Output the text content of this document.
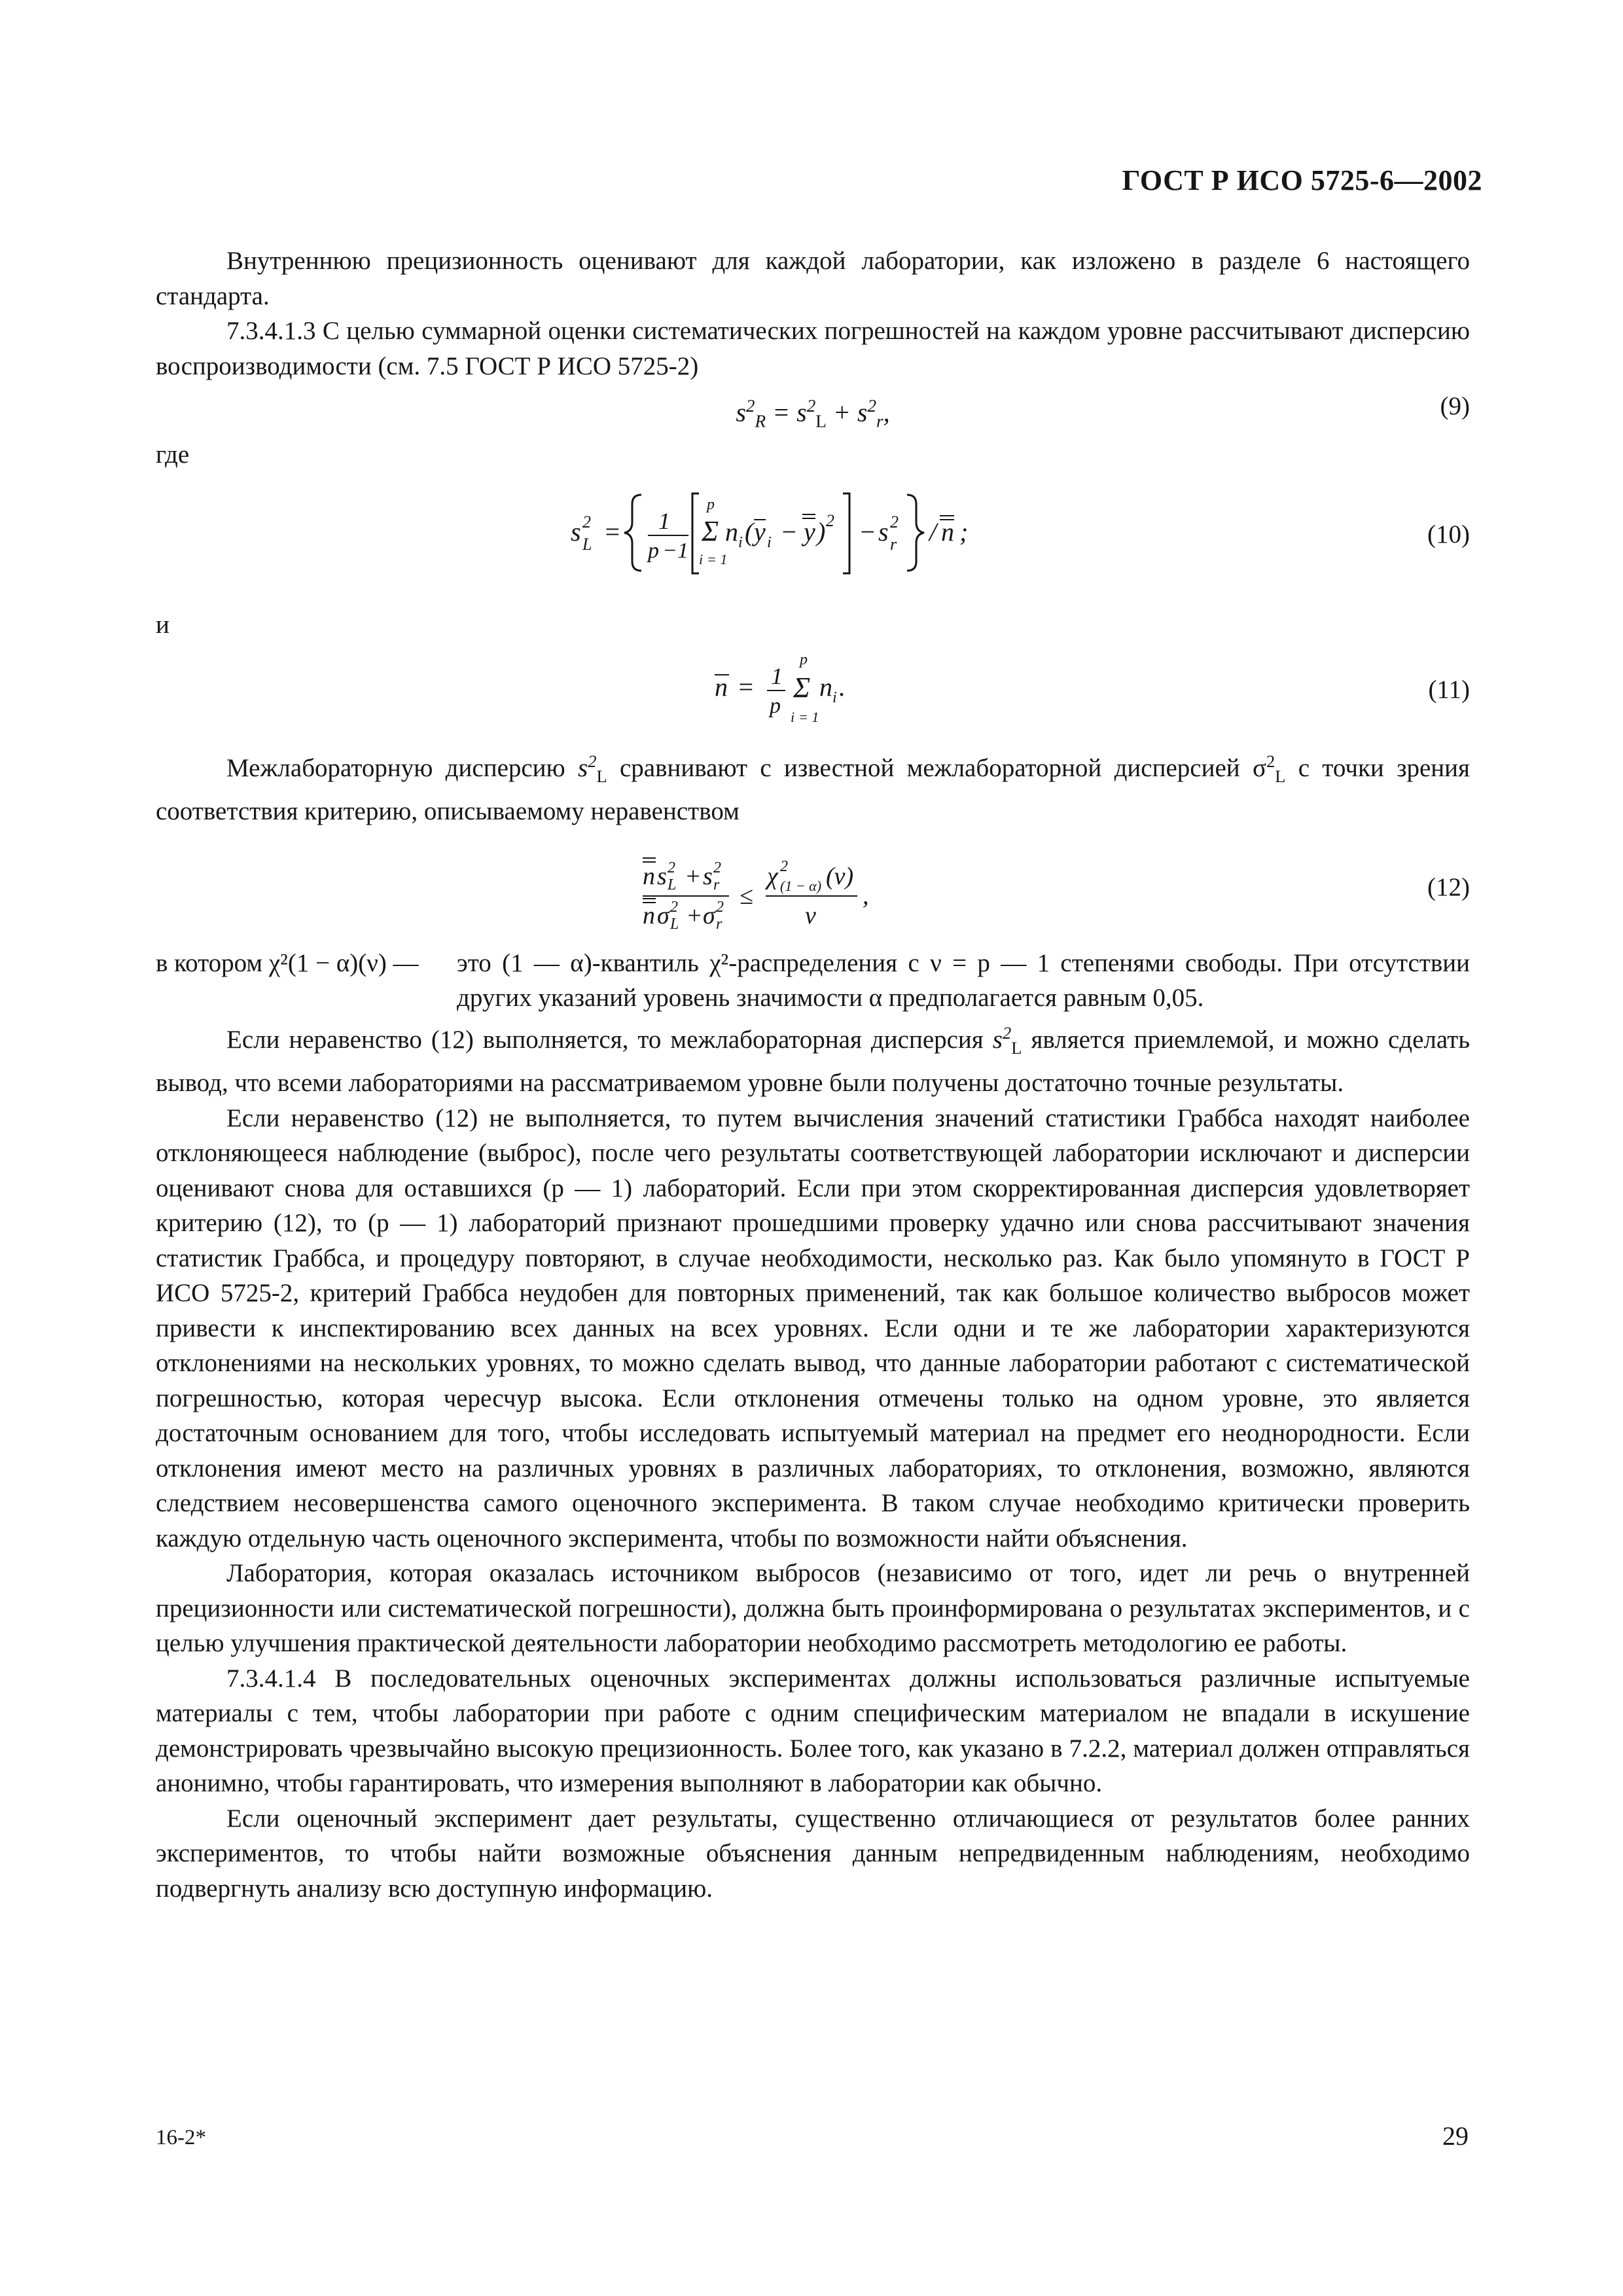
ГОСТ Р ИСО 5725-6—2002

Внутреннюю прецизионность оценивают для каждой лаборатории, как изложено в разделе 6 настоящего стандарта.

7.3.4.1.3 С целью суммарной оценки систематических погрешностей на каждом уровне рассчитывают дисперсию воспроизводимости (см. 7.5 ГОСТ Р ИСО 5725-2)

$s^2_R = s^2_L + s^2_r$,	(9)

где

s 2
L = 1
p −1
p
Σ
i = 1
n i ( y i − y ) 2 − s 2
r / n ;	(10)

и

n = 1
p
p
Σ
i = 1
n i .	(11)

Межлабораторную дисперсию $s^2_L$ сравнивают с известной межлабораторной дисперсией $\sigma^2_L$ с точки зрения соответствия критерию, описываемому неравенством

n s 2
L + s 2
r
n σ 2
L + σ 2
r
≤
χ 2
(1 − α) (ν)
ν
,	(12)
в котором χ²(1 − α)(ν) —	это (1 — α)-квантиль χ²-распределения с ν = p — 1 степенями свободы. При отсутствии других указаний уровень значимости α предполагается равным 0,05.

Если неравенство (12) выполняется, то межлабораторная дисперсия $s^2_L$ является приемлемой, и можно сделать вывод, что всеми лабораториями на рассматриваемом уровне были получены достаточно точные результаты.

Если неравенство (12) не выполняется, то путем вычисления значений статистики Граббса находят наиболее отклоняющееся наблюдение (выброс), после чего результаты соответствующей лаборатории исключают и дисперсии оценивают снова для оставшихся (p — 1) лабораторий. Если при этом скорректированная дисперсия удовлетворяет критерию (12), то (p — 1) лабораторий признают прошедшими проверку удачно или снова рассчитывают значения статистик Граббса, и процедуру повторяют, в случае необходимости, несколько раз. Как было упомянуто в ГОСТ Р ИСО 5725-2, критерий Граббса неудобен для повторных применений, так как большое количество выбросов может привести к инспектированию всех данных на всех уровнях. Если одни и те же лаборатории характеризуются отклонениями на нескольких уровнях, то можно сделать вывод, что данные лаборатории работают с систематической погрешностью, которая чересчур высока. Если отклонения отмечены только на одном уровне, это является достаточным основанием для того, чтобы исследовать испытуемый материал на предмет его неоднородности. Если отклонения имеют место на различных уровнях в различных лабораториях, то отклонения, возможно, являются следствием несовершенства самого оценочного эксперимента. В таком случае необходимо критически проверить каждую отдельную часть оценочного эксперимента, чтобы по возможности найти объяснения.

Лаборатория, которая оказалась источником выбросов (независимо от того, идет ли речь о внутренней прецизионности или систематической погрешности), должна быть проинформирована о результатах экспериментов, и с целью улучшения практической деятельности лаборатории необходимо рассмотреть методологию ее работы.

7.3.4.1.4 В последовательных оценочных экспериментах должны использоваться различные испытуемые материалы с тем, чтобы лаборатории при работе с одним специфическим материалом не впадали в искушение демонстрировать чрезвычайно высокую прецизионность. Более того, как указано в 7.2.2, материал должен отправляться анонимно, чтобы гарантировать, что измерения выполняют в лаборатории как обычно.

Если оценочный эксперимент дает результаты, существенно отличающиеся от результатов более ранних экспериментов, то чтобы найти возможные объяснения данным непредвиденным наблюдениям, необходимо подвергнуть анализу всю доступную информацию.

16-2*	29
